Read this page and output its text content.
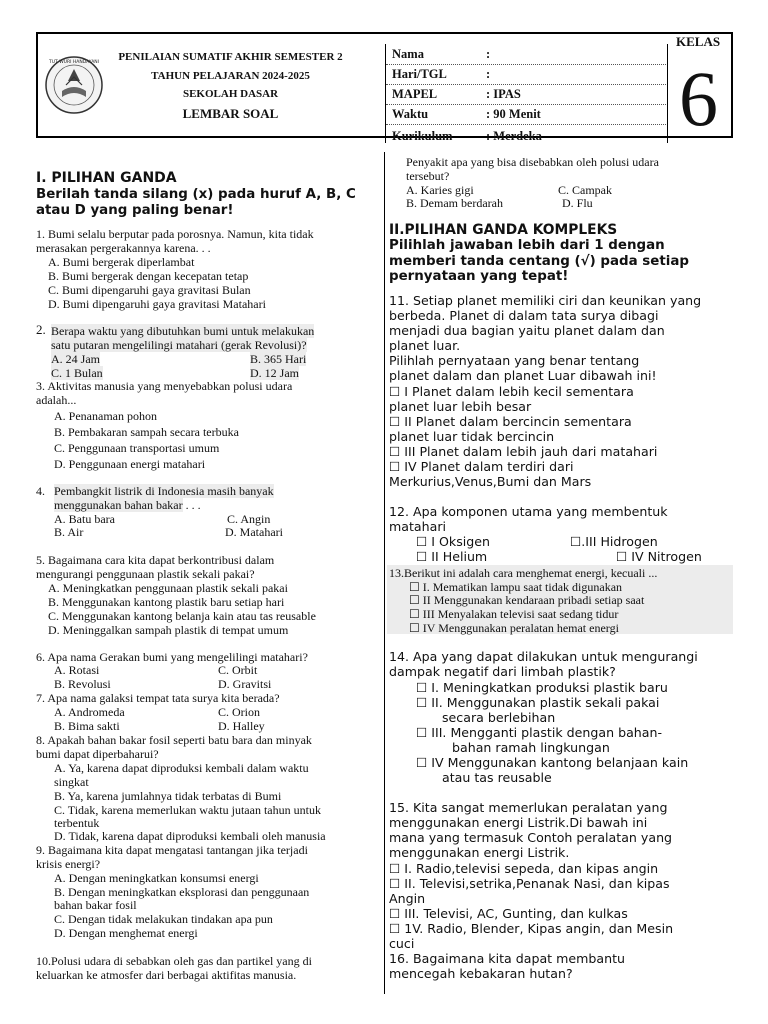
TUT WURI HANDAYANI	PENILAIAN SUMATIF AKHIR SEMESTER 2
TAHUN PELAJARAN 2024-2025
SEKOLAH DASAR
LEMBAR SOAL
Nama	:
Hari/TGL	:
MAPEL	: IPAS
Waktu	: 90 Menit
Kurikulum	: Merdeka
KELAS
6
I. PILIHAN GANDA
Berilah tanda silang (x) pada huruf A, B, C
atau D yang paling benar!
1. Bumi selalu berputar pada porosnya. Namun, kita tidak
merasakan pergerakannya karena. . .
A. Bumi bergerak diperlambat
B. Bumi bergerak dengan kecepatan tetap
C. Bumi dipengaruhi gaya gravitasi Bulan
D. Bumi dipengaruhi gaya gravitasi Matahari
2. Berapa waktu yang dibutuhkan bumi untuk melakukan
satu putaran mengelilingi matahari (gerak Revolusi)?
A. 24 Jam	B. 365 Hari
C. 1 Bulan	D. 12 Jam
3. Aktivitas manusia yang menyebabkan polusi udara
adalah...
A. Penanaman pohon
B. Pembakaran sampah secara terbuka
C. Penggunaan transportasi umum
D. Penggunaan energi matahari
4. Pembangkit listrik di Indonesia masih banyak
menggunakan bahan bakar . . .
A. Batu bara	C. Angin
B. Air	D. Matahari
5. Bagaimana cara kita dapat berkontribusi dalam
mengurangi penggunaan plastik sekali pakai?
A. Meningkatkan penggunaan plastik sekali pakai
B. Menggunakan kantong plastik baru setiap hari
C. Menggunakan kantong belanja kain atau tas reusable
D. Meninggalkan sampah plastik di tempat umum
6. Apa nama Gerakan bumi yang mengelilingi matahari?
A. Rotasi	C. Orbit
B. Revolusi	D. Gravitsi
7. Apa nama galaksi tempat tata surya kita berada?
A. Andromeda	C. Orion
B. Bima sakti	D. Halley
8. Apakah bahan bakar fosil seperti batu bara dan minyak
bumi dapat diperbaharui?
A. Ya, karena dapat diproduksi kembali dalam waktu
singkat
B. Ya, karena jumlahnya tidak terbatas di Bumi
C. Tidak, karena memerlukan waktu jutaan tahun untuk
terbentuk
D. Tidak, karena dapat diproduksi kembali oleh manusia
9. Bagaimana kita dapat mengatasi tantangan jika terjadi
krisis energi?
A. Dengan meningkatkan konsumsi energi
B. Dengan meningkatkan eksplorasi dan penggunaan
bahan bakar fosil
C. Dengan tidak melakukan tindakan apa pun
D. Dengan menghemat energi
10.Polusi udara di sebabkan oleh gas dan partikel yang di
keluarkan ke atmosfer dari berbagai aktifitas manusia.
Penyakit apa yang bisa disebabkan oleh polusi udara
tersebut?
A. Karies gigi	C. Campak
B. Demam berdarah	D. Flu
II.PILIHAN GANDA KOMPLEKS
Pilihlah jawaban lebih dari 1 dengan
memberi tanda centang (√) pada setiap
pernyataan yang tepat!
11. Setiap planet memiliki ciri dan keunikan yang
berbeda. Planet di dalam tata surya dibagi
menjadi dua bagian yaitu planet dalam dan
planet luar.
Pilihlah pernyataan yang benar tentang
planet dalam dan planet Luar dibawah ini!
☐ I Planet dalam lebih kecil sementara
planet luar lebih besar
☐ II Planet dalam bercincin sementara
planet luar tidak bercincin
☐ III Planet dalam lebih jauh dari matahari
☐ IV Planet dalam terdiri dari
Merkurius,Venus,Bumi dan Mars
12. Apa komponen utama yang membentuk
matahari
☐ I Oksigen	☐.III Hidrogen
☐ II Helium	☐ IV Nitrogen
13.Berikut ini adalah cara menghemat energi, kecuali ...
☐ I. Mematikan lampu saat tidak digunakan
☐ II Menggunakan kendaraan pribadi setiap saat
☐ III Menyalakan televisi saat sedang tidur
☐ IV Menggunakan peralatan hemat energi
14. Apa yang dapat dilakukan untuk mengurangi
dampak negatif dari limbah plastik?
☐ I. Meningkatkan produksi plastik baru
☐ II. Menggunakan plastik sekali pakai
secara berlebihan
☐ III. Mengganti plastik dengan bahan-
bahan ramah lingkungan
☐ IV Menggunakan kantong belanjaan kain
atau tas reusable
15. Kita sangat memerlukan peralatan yang
menggunakan energi Listrik.Di bawah ini
mana yang termasuk Contoh peralatan yang
menggunakan energi Listrik.
☐ I. Radio,televisi sepeda, dan kipas angin
☐ II. Televisi,setrika,Penanak Nasi, dan kipas
Angin
☐ III. Televisi, AC, Gunting, dan kulkas
☐ 1V. Radio, Blender, Kipas angin, dan Mesin
cuci
16. Bagaimana kita dapat membantu
mencegah kebakaran hutan?
